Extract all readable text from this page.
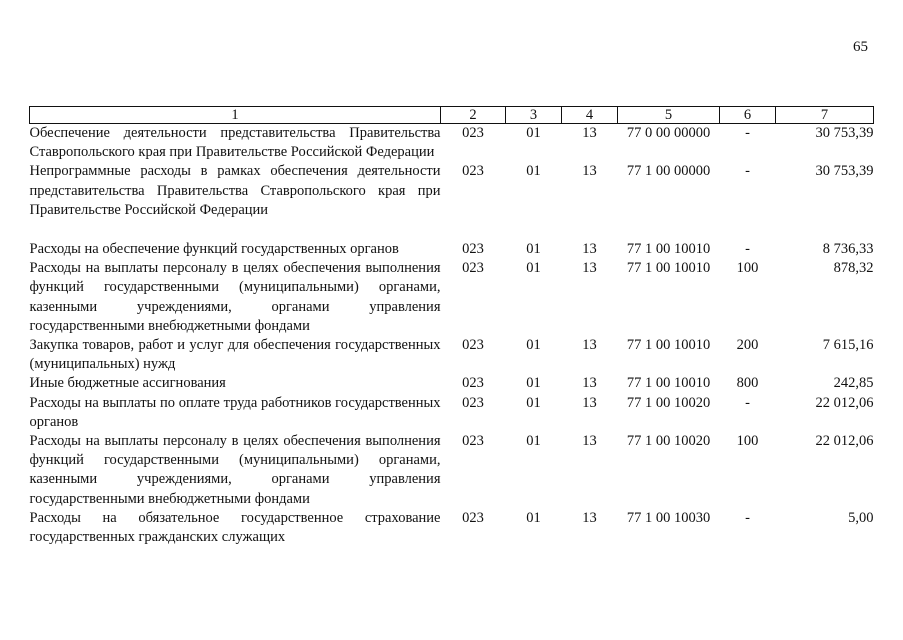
65
1	2	3	4	5	6	7
Обеспечение деятельности представительства Правительства Ставропольского края при Правительстве Российской Федерации	023	01	13	77 0 00 00000	-	30 753,39
Непрограммные расходы в рамках обеспечения деятельности представительства Правительства Ставропольского края при Правительстве Российской Федерации	023	01	13	77 1 00 00000	-	30 753,39

Расходы на обеспечение функций государственных органов	023	01	13	77 1 00 10010	-	8 736,33
Расходы на выплаты персоналу в целях обеспечения выполнения функций государственными (муниципальными) органами, казенными учреждениями, органами управления государственными внебюджетными фондами	023	01	13	77 1 00 10010	100	878,32
Закупка товаров, работ и услуг для обеспечения государственных (муниципальных) нужд	023	01	13	77 1 00 10010	200	7 615,16
Иные бюджетные ассигнования	023	01	13	77 1 00 10010	800	242,85
Расходы на выплаты по оплате труда работников государственных органов	023	01	13	77 1 00 10020	-	22 012,06
Расходы на выплаты персоналу в целях обеспечения выполнения функций государственными (муниципальными) органами, казенными учреждениями, органами управления государственными внебюджетными фондами	023	01	13	77 1 00 10020	100	22 012,06
Расходы на обязательное государственное страхование государственных гражданских служащих	023	01	13	77 1 00 10030	-	5,00
